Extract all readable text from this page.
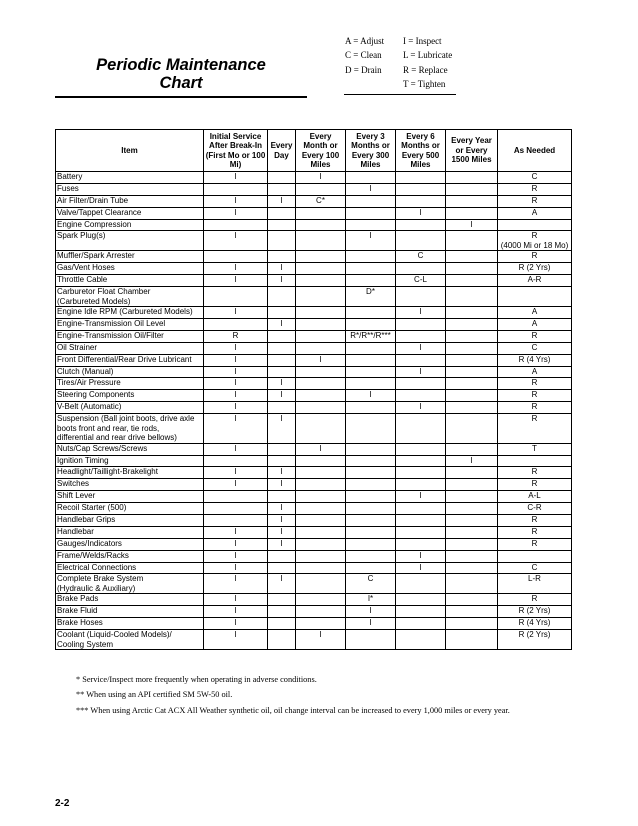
Periodic Maintenance
Chart
A = Adjust
C = Clean
D = Drain
I = Inspect
L = Lubricate
R = Replace
T = Tighten
Item	Initial Service After Break-In (First Mo or 100 Mi)	Every Day	Every Month or Every 100 Miles	Every 3 Months or Every 300 Miles	Every 6 Months or Every 500 Miles	Every Year or Every 1500 Miles	As Needed
Battery	I		I				C
Fuses				I			R
Air Filter/Drain Tube	I	I	C*				R
Valve/Tappet Clearance	I				I		A
Engine Compression						I	
Spark Plug(s)	I			I			R
(4000 Mi or 18 Mo)
Muffler/Spark Arrester					C		R
Gas/Vent Hoses	I	I					R (2 Yrs)
Throttle Cable	I	I			C-L		A-R
Carburetor Float Chamber
(Carbureted Models)				D*			
Engine Idle RPM (Carbureted Models)	I				I		A
Engine-Transmission Oil Level		I					A
Engine-Transmission Oil/Filter	R			R*/R**/R***			R
Oil Strainer	I				I		C
Front Differential/Rear Drive Lubricant	I		I				R (4 Yrs)
Clutch (Manual)	I				I		A
Tires/Air Pressure	I	I					R
Steering Components	I	I		I			R
V-Belt (Automatic)	I				I		R
Suspension (Ball joint boots, drive axle
boots front and rear, tie rods,
differential and rear drive bellows)	I	I					R
Nuts/Cap Screws/Screws	I		I				T
Ignition Timing						I	
Headlight/Taillight-Brakelight	I	I					R
Switches	I	I					R
Shift Lever					I		A-L
Recoil Starter (500)		I					C-R
Handlebar Grips		I					R
Handlebar	I	I					R
Gauges/Indicators	I	I					R
Frame/Welds/Racks	I				I		
Electrical Connections	I				I		C
Complete Brake System
(Hydraulic & Auxiliary)	I	I		C			L-R
Brake Pads	I			I*			R
Brake Fluid	I			I			R (2 Yrs)
Brake Hoses	I			I			R (4 Yrs)
Coolant (Liquid-Cooled Models)/
Cooling System	I		I				R (2 Yrs)
* Service/Inspect more frequently when operating in adverse conditions.
** When using an API certified SM 5W-50 oil.
*** When using Arctic Cat ACX All Weather synthetic oil, oil change interval can be increased to every 1,000 miles or every year.
2-2
